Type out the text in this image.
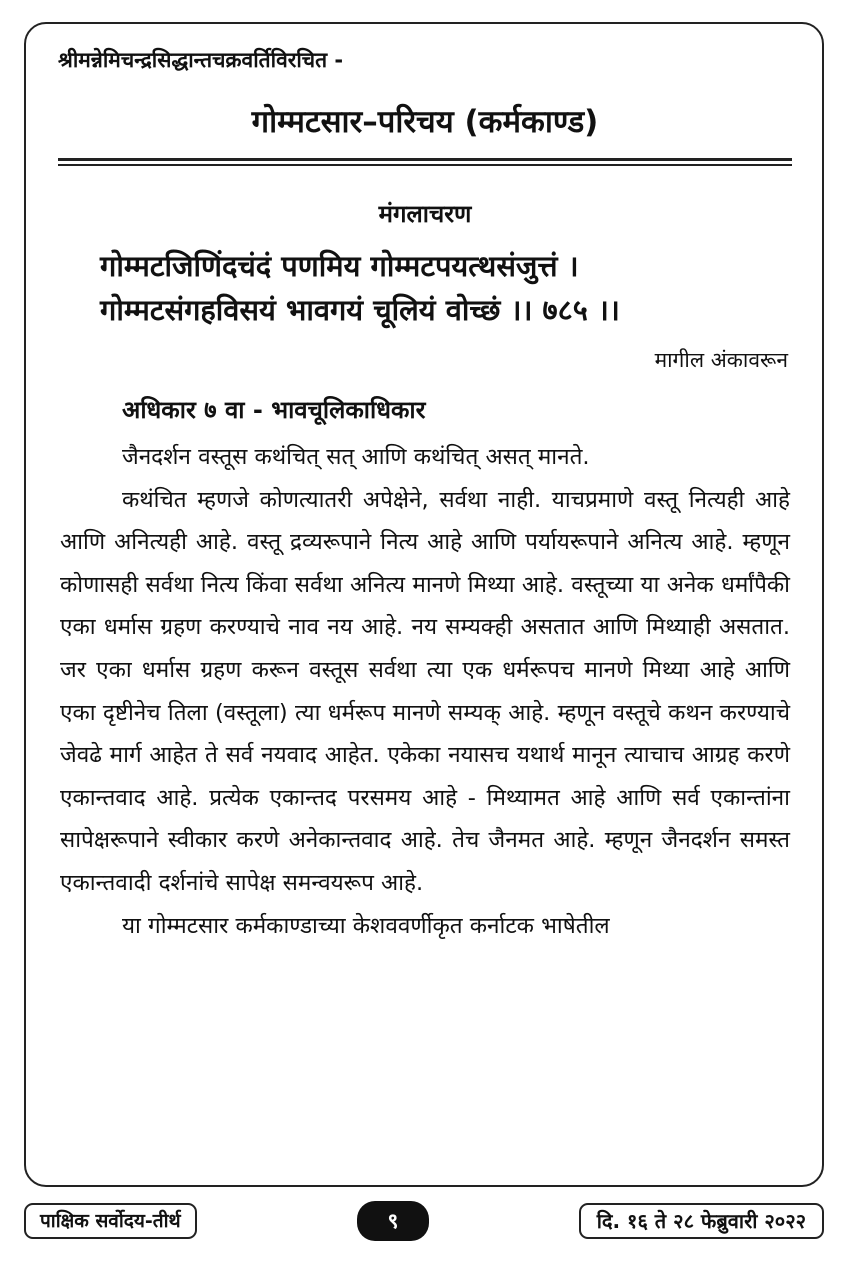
श्रीमन्नेमिचन्द्रसिद्धान्तचक्रवर्तिविरचित -
गोम्मटसार–परिचय (कर्मकाण्ड)
मंगलाचरण
गोम्मटजिणिंदचंदं पणमिय गोम्मटपयत्थसंजुत्तं ।
गोम्मटसंगहविसयं भावगयं चूलियं वोच्छं ।। ७८५ ।।
मागील अंकावरून
अधिकार ७ वा - भावचूलिकाधिकार

जैनदर्शन वस्तूस कथंचित् सत् आणि कथंचित् असत् मानते.

कथंचित म्हणजे कोणत्यातरी अपेक्षेने, सर्वथा नाही. याचप्रमाणे वस्तू नित्यही आहे आणि अनित्यही आहे. वस्तू द्रव्यरूपाने नित्य आहे आणि पर्यायरूपाने अनित्य आहे. म्हणून कोणासही सर्वथा नित्य किंवा सर्वथा अनित्य मानणे मिथ्या आहे. वस्तूच्या या अनेक धर्मांपैकी एका धर्मास ग्रहण करण्याचे नाव नय आहे. नय सम्यक्ही असतात आणि मिथ्याही असतात. जर एका धर्मास ग्रहण करून वस्तूस सर्वथा त्या एक धर्मरूपच मानणे मिथ्या आहे आणि एका दृष्टीनेच तिला (वस्तूला) त्या धर्मरूप मानणे सम्यक् आहे. म्हणून वस्तूचे कथन करण्याचे जेवढे मार्ग आहेत ते सर्व नयवाद आहेत. एकेका नयासच यथार्थ मानून त्याचाच आग्रह करणे एकान्तवाद आहे. प्रत्येक एकान्तद परसमय आहे - मिथ्यामत आहे आणि सर्व एकान्तांना सापेक्षरूपाने स्वीकार करणे अनेकान्तवाद आहे. तेच जैनमत आहे. म्हणून जैनदर्शन समस्त एकान्तवादी दर्शनांचे सापेक्ष समन्वयरूप आहे.

या गोम्मटसार कर्मकाण्डाच्या केशववर्णीकृत कर्नाटक भाषेतील

पाक्षिक सर्वोदय-तीर्थ	९	दि. १६ ते २८ फेब्रुवारी २०२२
